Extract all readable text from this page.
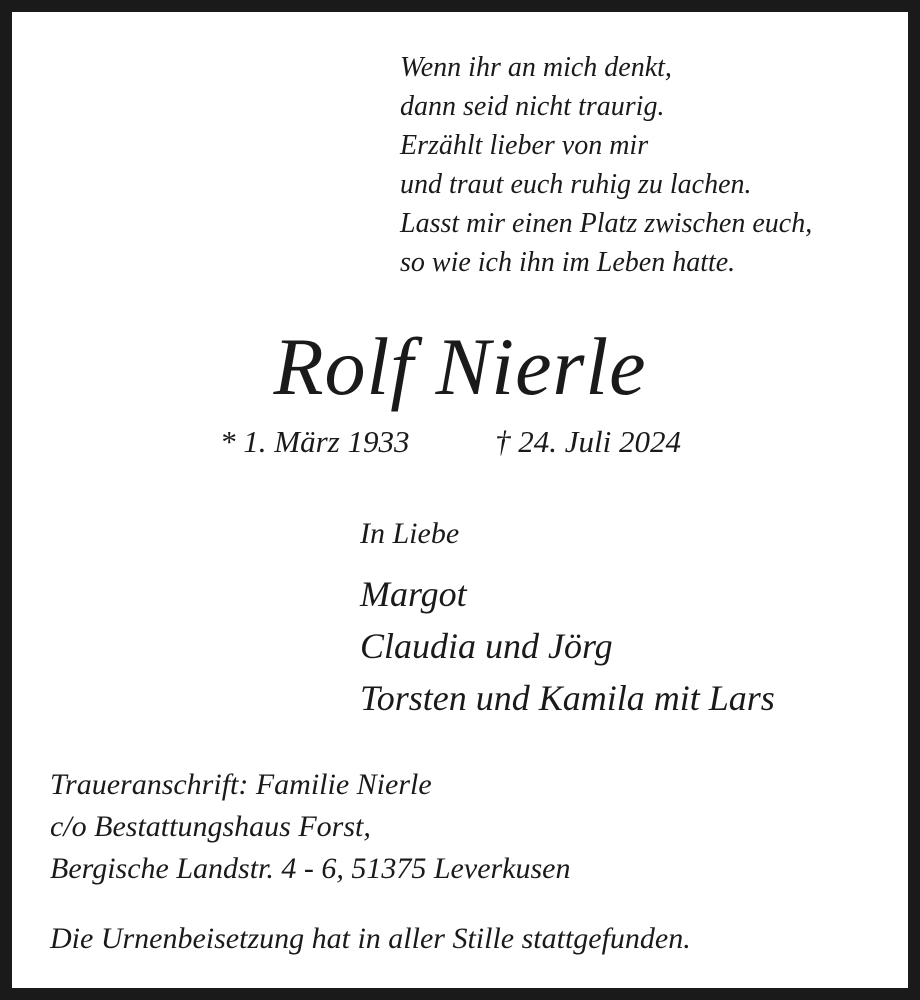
Wenn ihr an mich denkt,
dann seid nicht traurig.
Erzählt lieber von mir
und traut euch ruhig zu lachen.
Lasst mir einen Platz zwischen euch,
so wie ich ihn im Leben hatte.
Rolf Nierle
* 1. März 1933	† 24. Juli 2024
In Liebe
Margot
Claudia und Jörg
Torsten und Kamila mit Lars
Traueranschrift: Familie Nierle
c/o Bestattungshaus Forst,
Bergische Landstr. 4 - 6, 51375 Leverkusen
Die Urnenbeisetzung hat in aller Stille stattgefunden.
